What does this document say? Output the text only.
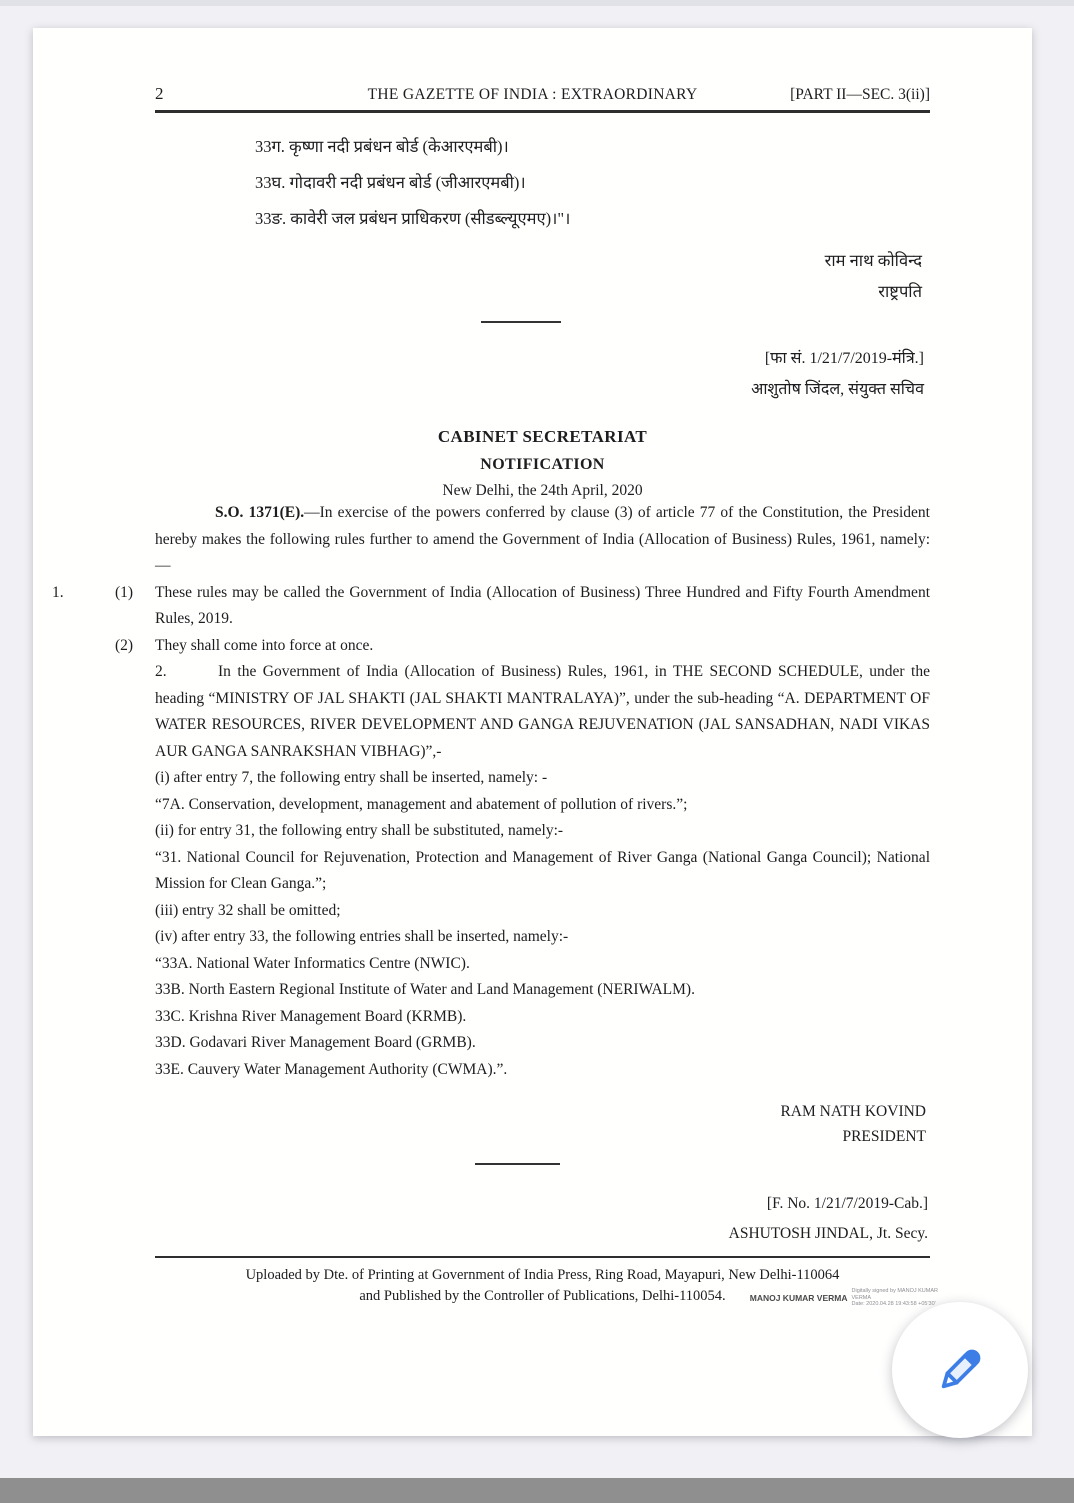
2	THE GAZETTE OF INDIA : EXTRAORDINARY	[PART II—SEC. 3(ii)]
33ग. कृष्णा नदी प्रबंधन बोर्ड (केआरएमबी)।
33घ. गोदावरी नदी प्रबंधन बोर्ड (जीआरएमबी)।
33ङ. कावेरी जल प्रबंधन प्राधिकरण (सीडब्ल्यूएमए)।"।
राम नाथ कोविन्द
राष्ट्रपति
[फा सं. 1/21/7/2019-मंत्रि.]
आशुतोष जिंदल, संयुक्त सचिव
CABINET SECRETARIAT
NOTIFICATION
New Delhi, the 24th April, 2020

S.O. 1371(E).—In exercise of the powers conferred by clause (3) of article 77 of the Constitution, the President hereby makes the following rules further to amend the Government of India (Allocation of Business) Rules, 1961, namely:—

1.	(1) These rules may be called the Government of India (Allocation of Business) Three Hundred and Fifty Fourth Amendment Rules, 2019.

(2) They shall come into force at once.

2.	In the Government of India (Allocation of Business) Rules, 1961, in THE SECOND SCHEDULE, under the heading “MINISTRY OF JAL SHAKTI (JAL SHAKTI MANTRALAYA)”, under the sub-heading “A. DEPARTMENT OF WATER RESOURCES, RIVER DEVELOPMENT AND GANGA REJUVENATION (JAL SANSADHAN, NADI VIKAS AUR GANGA SANRAKSHAN VIBHAG)”,-

(i) after entry 7, the following entry shall be inserted, namely: -

“7A. Conservation, development, management and abatement of pollution of rivers.”;

(ii) for entry 31, the following entry shall be substituted, namely:-

“31. National Council for Rejuvenation, Protection and Management of River Ganga (National Ganga Council); National Mission for Clean Ganga.”;

(iii) entry 32 shall be omitted;

(iv) after entry 33, the following entries shall be inserted, namely:-

“33A. National Water Informatics Centre (NWIC).

33B. North Eastern Regional Institute of Water and Land Management (NERIWALM).

33C. Krishna River Management Board (KRMB).

33D. Godavari River Management Board (GRMB).

33E. Cauvery Water Management Authority (CWMA).”.

RAM NATH KOVIND
PRESIDENT
[F. No. 1/21/7/2019-Cab.]
ASHUTOSH JINDAL, Jt. Secy.

Uploaded by Dte. of Printing at Government of India Press, Ring Road, Mayapuri, New Delhi-110064

and Published by the Controller of Publications, Delhi-110054.	MANOJ KUMAR VERMA
Digitally signed by MANOJ KUMAR
VERMA
Date: 2020.04.28 19:43:58 +05'30'
